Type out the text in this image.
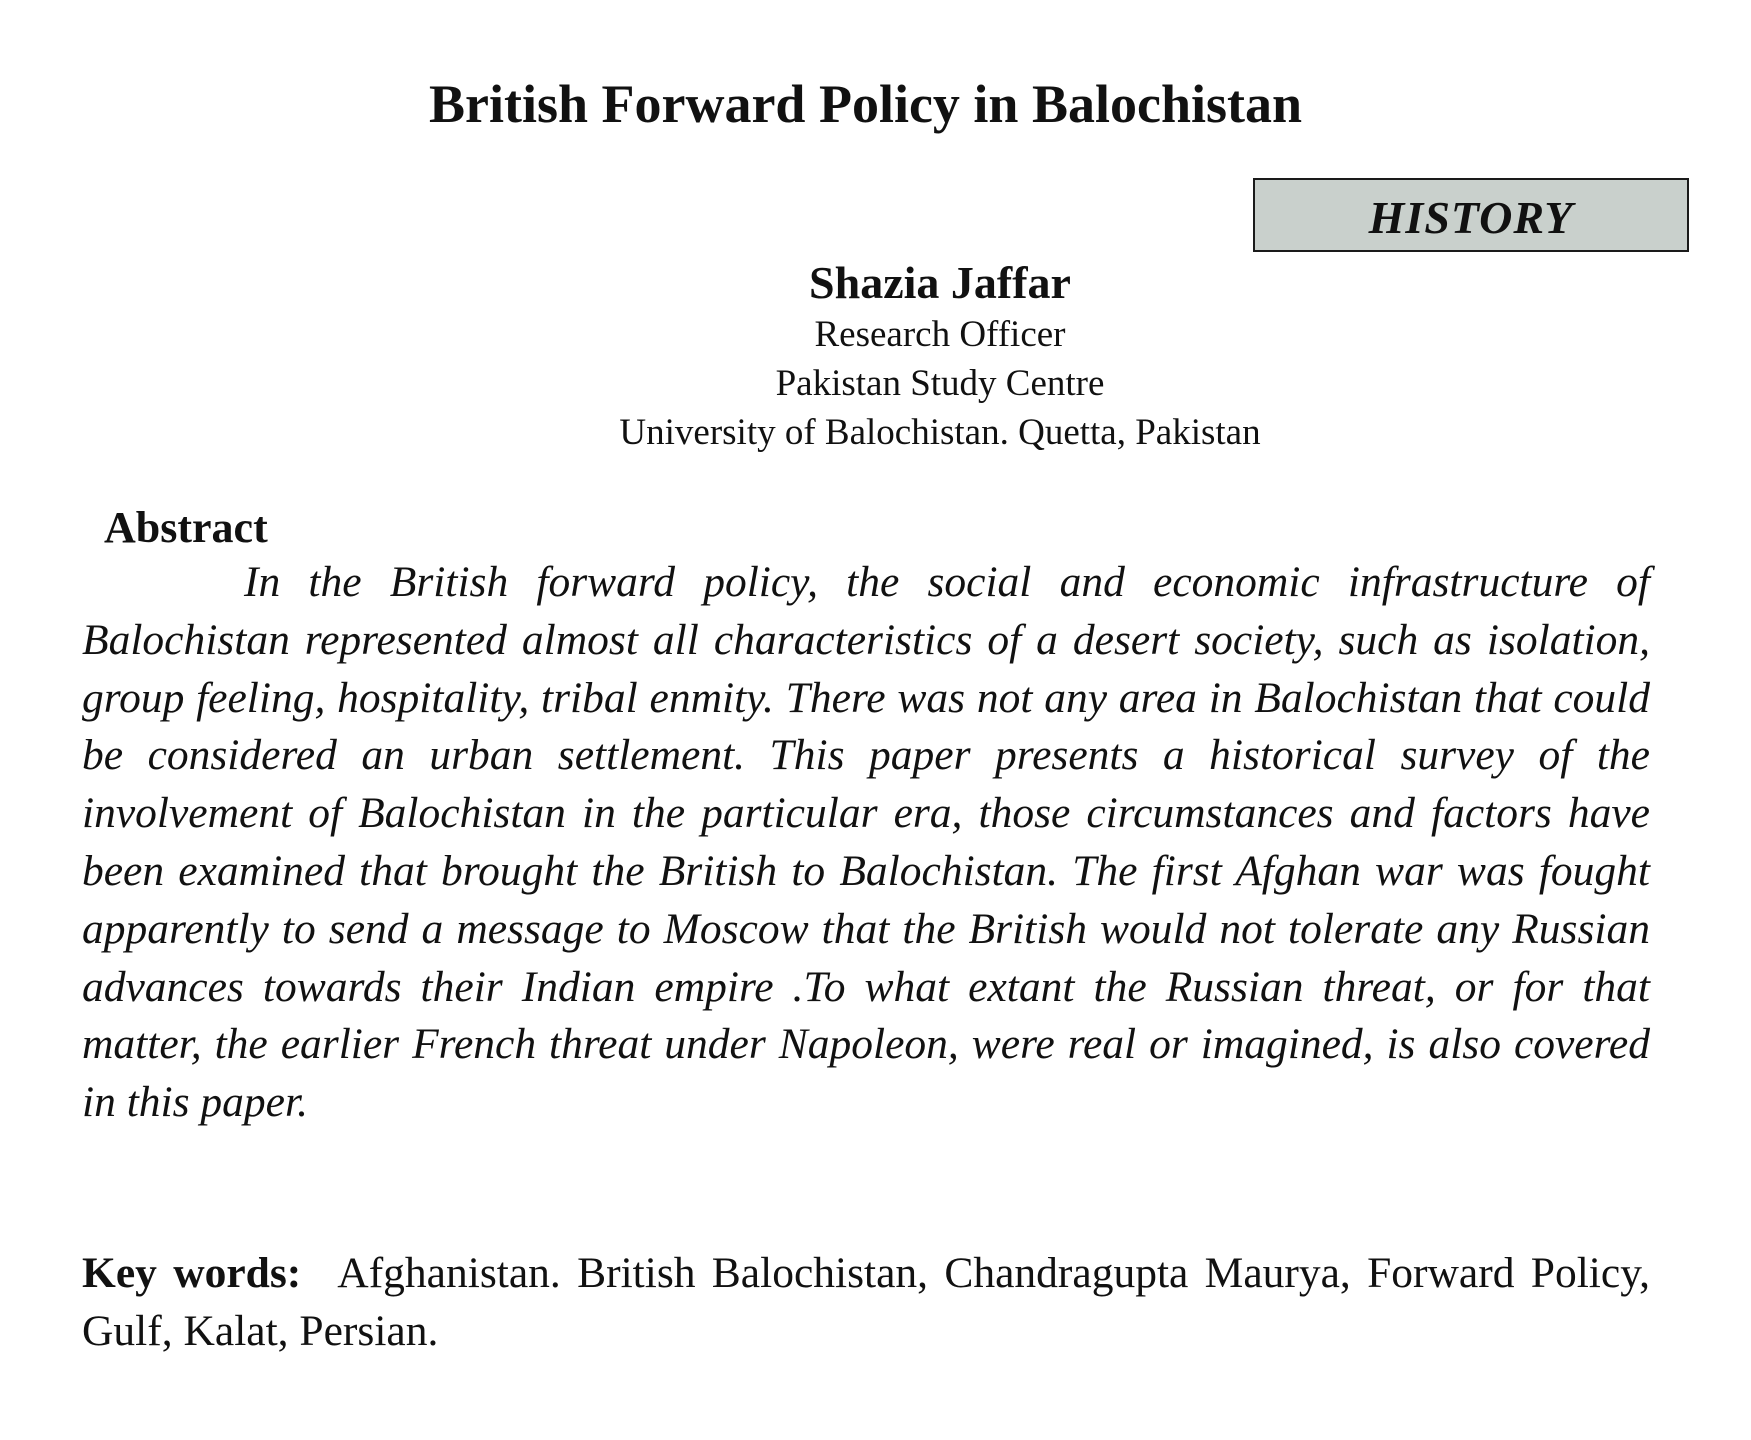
British Forward Policy in Balochistan
HISTORY
Shazia Jaffar
Research Officer
Pakistan Study Centre
University of Balochistan. Quetta, Pakistan
Abstract

In the British forward policy, the social and economic infrastructure of Balochistan represented almost all characteristics of a desert society, such as isolation, group feeling, hospitality, tribal enmity. There was not any area in Balochistan that could be considered an urban settlement. This paper presents a historical survey of the involvement of Balochistan in the particular era, those circumstances and factors have been examined that brought the British to Balochistan. The first Afghan war was fought apparently to send a message to Moscow that the British would not tolerate any Russian advances towards their Indian empire .To what extant the Russian threat, or for that matter, the earlier French threat under Napoleon, were real or imagined, is also covered in this paper.

Key words: Afghanistan. British Balochistan, Chandragupta Maurya, Forward Policy, Gulf, Kalat, Persian.
